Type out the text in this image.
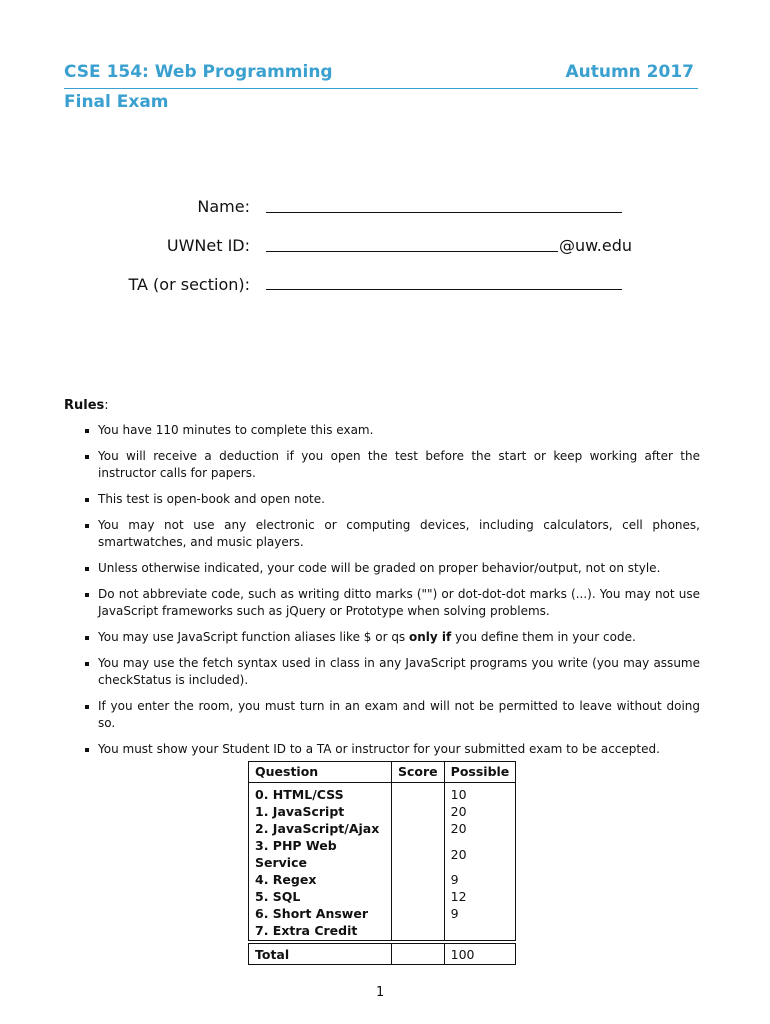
CSE 154: Web Programming	Autumn 2017
Final Exam
Name:
UWNet ID:	@uw.edu
TA (or section):
Rules:
You have 110 minutes to complete this exam.
You will receive a deduction if you open the test before the start or keep working after the instructor calls for papers.
This test is open-book and open note.
You may not use any electronic or computing devices, including calculators, cell phones, smartwatches, and music players.
Unless otherwise indicated, your code will be graded on proper behavior/output, not on style.
Do not abbreviate code, such as writing ditto marks ("") or dot-dot-dot marks (...). You may not use JavaScript frameworks such as jQuery or Prototype when solving problems.
You may use JavaScript function aliases like $ or qs only if you define them in your code.
You may use the fetch syntax used in class in any JavaScript programs you write (you may assume checkStatus is included).
If you enter the room, you must turn in an exam and will not be permitted to leave without doing so.
You must show your Student ID to a TA or instructor for your submitted exam to be accepted.
Question	Score	Possible
0. HTML/CSS		10
1. JavaScript		20
2. JavaScript/Ajax		20
3. PHP Web Service		20
4. Regex		9
5. SQL		12
6. Short Answer		9
7. Extra Credit		

Total		100
1
